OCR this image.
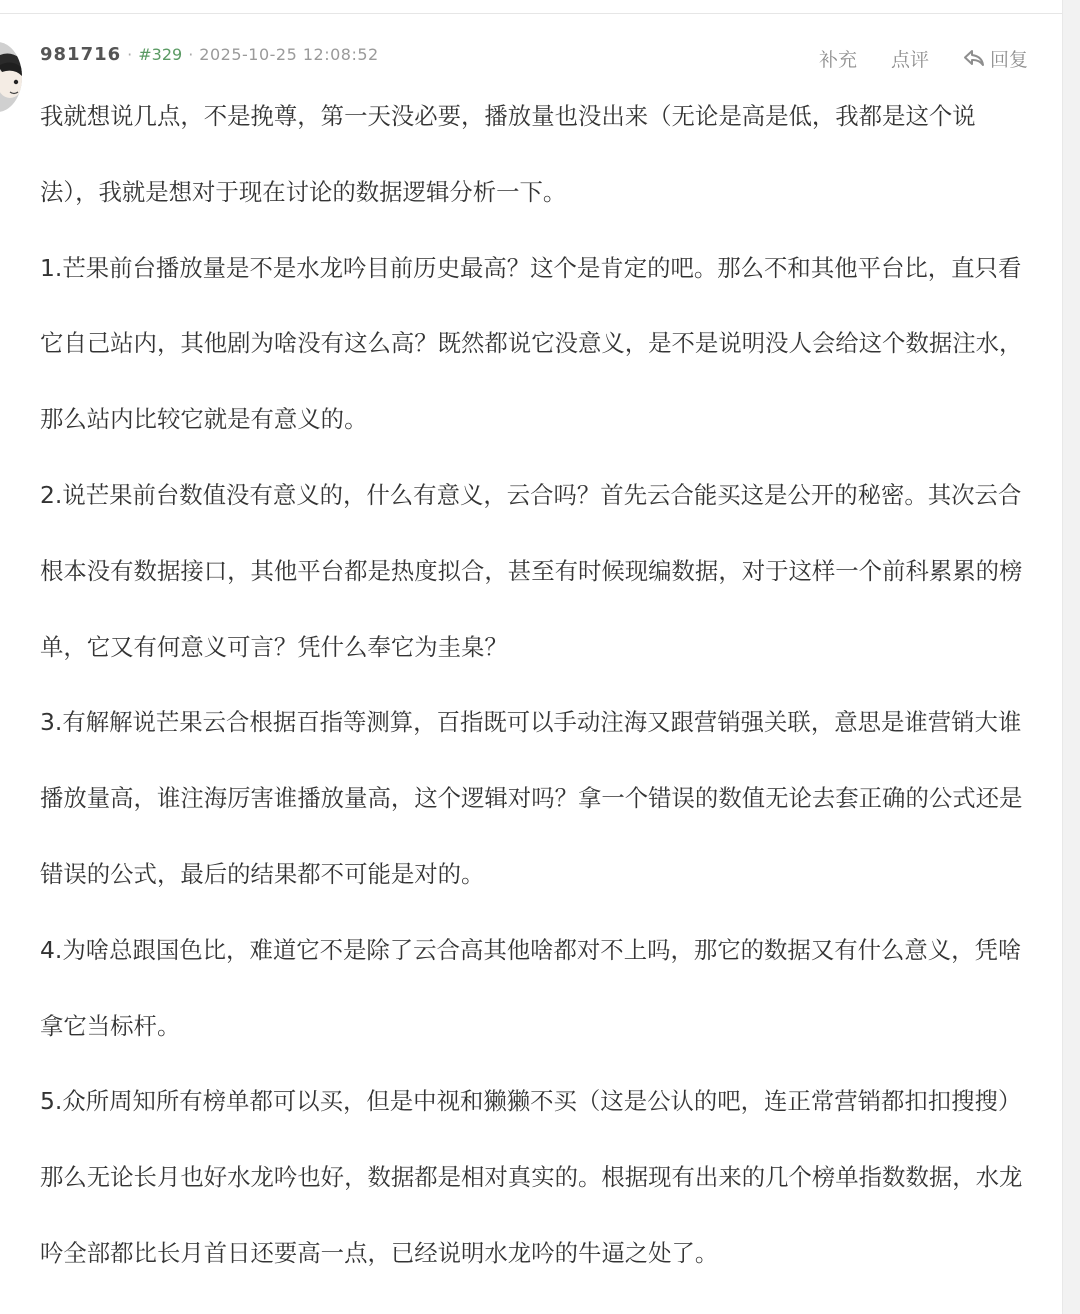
981716 · #329 · 2025-10-25 12:08:52	补充 点评	回复

我就想说几点，不是挽尊，第一天没必要，播放量也没出来（无论是高是低，我都是这个说法），我就是想对于现在讨论的数据逻辑分析一下。

1.芒果前台播放量是不是水龙吟目前历史最高？这个是肯定的吧。那么不和其他平台比，直只看它自己站内，其他剧为啥没有这么高？既然都说它没意义，是不是说明没人会给这个数据注水，那么站内比较它就是有意义的。

2.说芒果前台数值没有意义的，什么有意义，云合吗？首先云合能买这是公开的秘密。其次云合根本没有数据接口，其他平台都是热度拟合，甚至有时候现编数据，对于这样一个前科累累的榜单，它又有何意义可言？凭什么奉它为圭臬？

3.有解解说芒果云合根据百指等测算，百指既可以手动注海又跟营销强关联，意思是谁营销大谁播放量高，谁注海厉害谁播放量高，这个逻辑对吗？拿一个错误的数值无论去套正确的公式还是错误的公式，最后的结果都不可能是对的。

4.为啥总跟国色比，难道它不是除了云合高其他啥都对不上吗，那它的数据又有什么意义，凭啥拿它当标杆。

5.众所周知所有榜单都可以买，但是中视和獭獭不买（这是公认的吧，连正常营销都扣扣搜搜）那么无论长月也好水龙吟也好，数据都是相对真实的。根据现有出来的几个榜单指数数据，水龙吟全部都比长月首日还要高一点，已经说明水龙吟的牛逼之处了。
